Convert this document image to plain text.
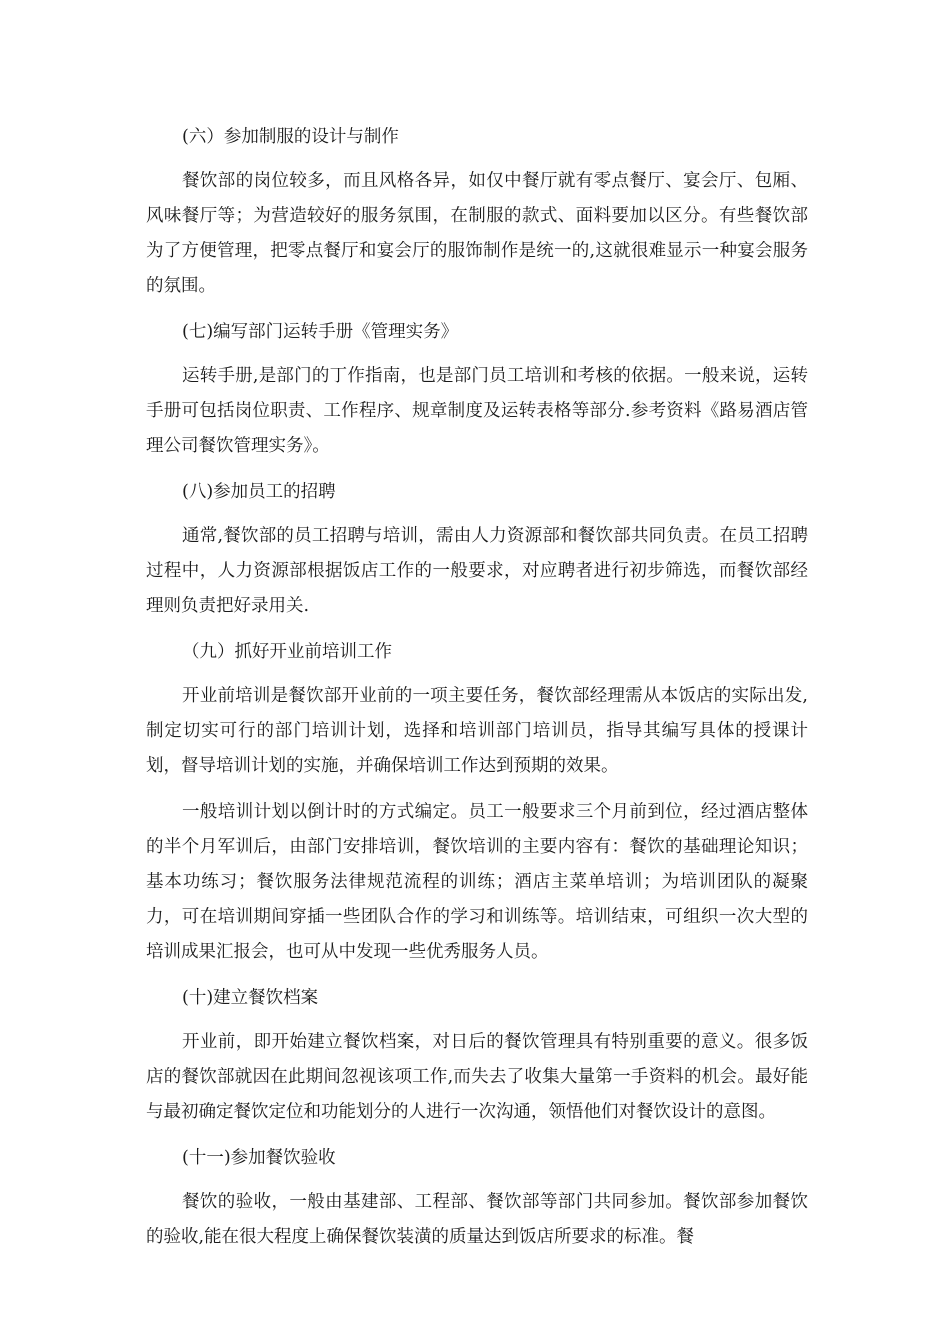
(六）参加制服的设计与制作

餐饮部的岗位较多，而且风格各异，如仅中餐厅就有零点餐厅、宴会厅、包厢、风味餐厅等；为营造较好的服务氛围，在制服的款式、面料要加以区分。有些餐饮部为了方便管理，把零点餐厅和宴会厅的服饰制作是统一的,这就很难显示一种宴会服务的氛围。

(七)编写部门运转手册《管理实务》

运转手册,是部门的丁作指南，也是部门员工培训和考核的依据。一般来说，运转手册可包括岗位职责、工作程序、规章制度及运转表格等部分.参考资料《路易酒店管理公司餐饮管理实务》。

(八)参加员工的招聘

通常,餐饮部的员工招聘与培训，需由人力资源部和餐饮部共同负责。在员工招聘过程中，人力资源部根据饭店工作的一般要求，对应聘者进行初步筛选，而餐饮部经理则负责把好录用关.

（九）抓好开业前培训工作

开业前培训是餐饮部开业前的一项主要任务，餐饮部经理需从本饭店的实际出发,制定切实可行的部门培训计划，选择和培训部门培训员，指导其编写具体的授课计划，督导培训计划的实施，并确保培训工作达到预期的效果。

一般培训计划以倒计时的方式编定。员工一般要求三个月前到位，经过酒店整体的半个月军训后，由部门安排培训，餐饮培训的主要内容有：餐饮的基础理论知识；基本功练习；餐饮服务法律规范流程的训练；酒店主菜单培训；为培训团队的凝聚力，可在培训期间穿插一些团队合作的学习和训练等。培训结束，可组织一次大型的培训成果汇报会，也可从中发现一些优秀服务人员。

(十)建立餐饮档案

开业前，即开始建立餐饮档案，对日后的餐饮管理具有特别重要的意义。很多饭店的餐饮部就因在此期间忽视该项工作,而失去了收集大量第一手资料的机会。最好能与最初确定餐饮定位和功能划分的人进行一次沟通，领悟他们对餐饮设计的意图。

(十一)参加餐饮验收

餐饮的验收，一般由基建部、工程部、餐饮部等部门共同参加。餐饮部参加餐饮的验收,能在很大程度上确保餐饮装潢的质量达到饭店所要求的标准。餐
